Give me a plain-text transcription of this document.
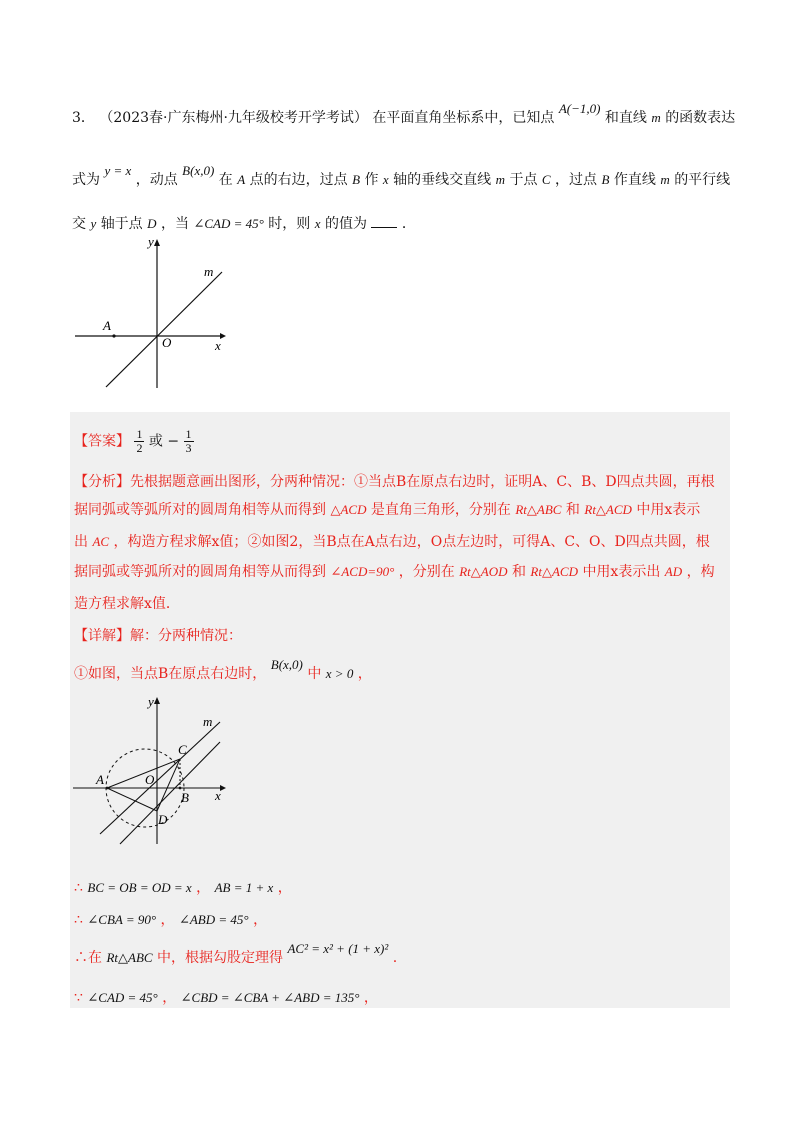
3． （2023春·广东梅州·九年级校考开学考试） 在平面直角坐标系中，已知点 A(−1,0) 和直线 m 的函数表达
式为 y = x ，动点 B(x,0) 在 A 点的右边，过点 B 作 x 轴的垂线交直线 m 于点 C ，过点 B 作直线 m 的平行线
交 y 轴于点 D ，当 ∠CAD = 45° 时，则 x 的值为 ．
y
x
m
A
O
【答案】 $\frac{1}{2}$ 或 − $\frac{1}{3}$
【分析】先根据题意画出图形，分两种情况：①当点B在原点右边时，证明A、C、B、D四点共圆，再根
据同弧或等弧所对的圆周角相等从而得到 △ACD 是直角三角形，分别在 Rt△ABC 和 Rt△ACD 中用x表示
出 AC ，构造方程求解x值；②如图2，当B点在A点右边，O点左边时，可得A、C、O、D四点共圆，根
据同弧或等弧所对的圆周角相等从而得到 ∠ACD=90° ，分别在 Rt△AOD 和 Rt△ACD 中用x表示出 AD ，构
造方程求解x值．
【详解】解：分两种情况：
①如图，当点B在原点右边时， B(x,0) 中 x > 0 ，
y
x
m
A	O
C
B
D
∴ BC = OB = OD = x ， AB = 1 + x ，
∴ ∠CBA = 90° ， ∠ABD = 45° ，
∴在 Rt△ABC 中，根据勾股定理得 AC² = x² + (1 + x)² .
∵ ∠CAD = 45° ， ∠CBD = ∠CBA + ∠ABD = 135° ，
